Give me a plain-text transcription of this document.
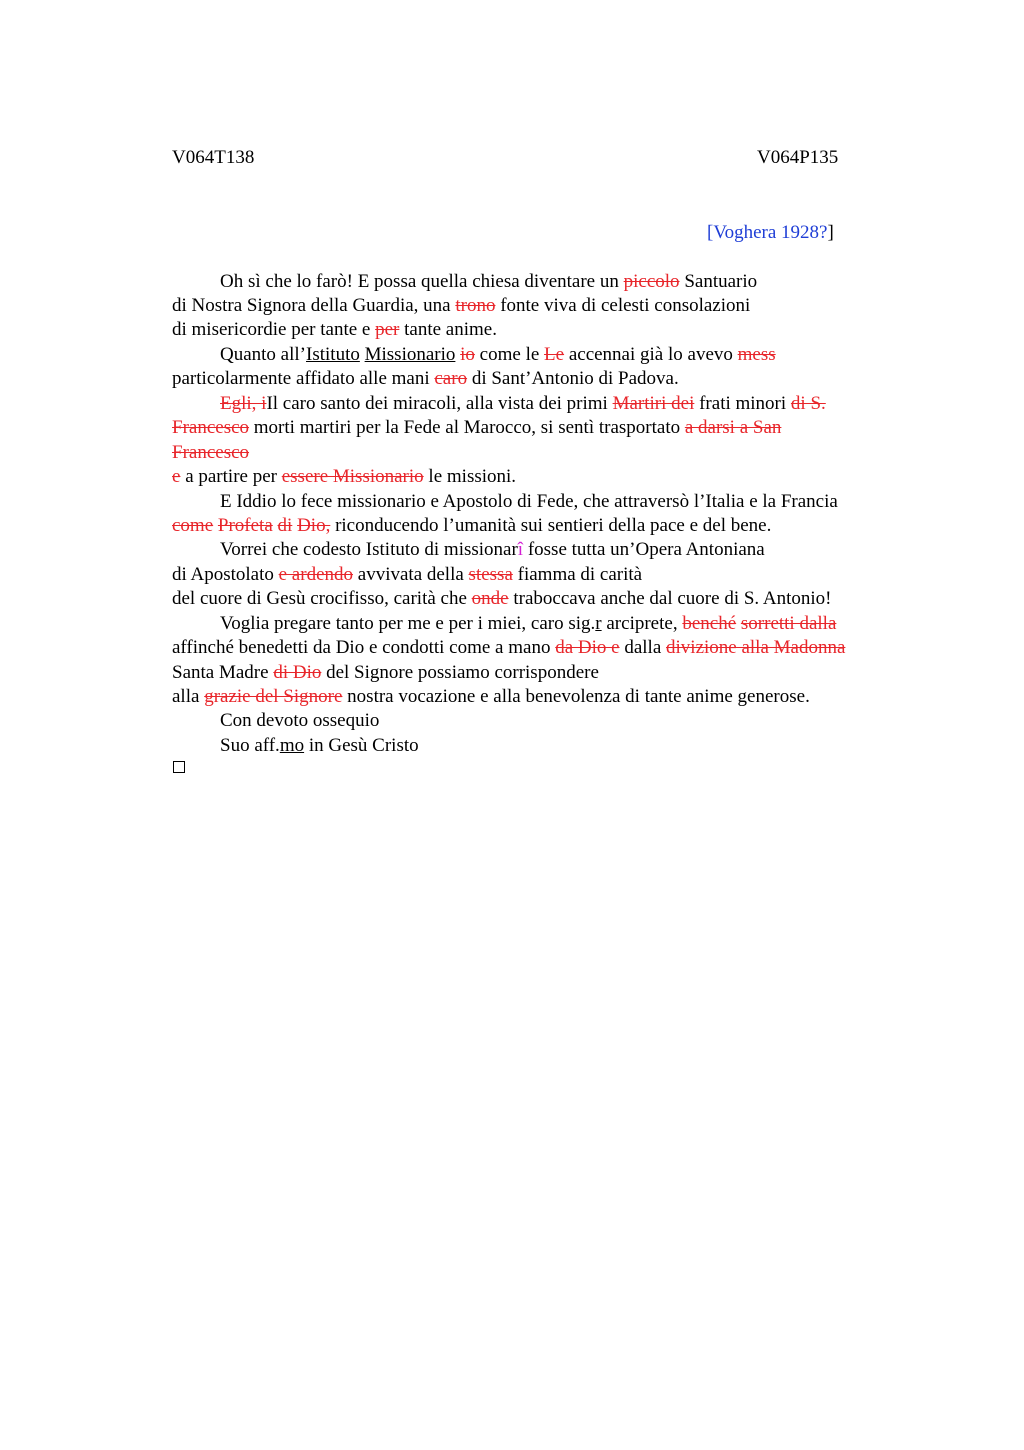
V064T138	V064P135
[Voghera 1928?]
Oh sì che lo farò! E possa quella chiesa diventare un piccolo Santuario
di Nostra Signora della Guardia, una trono fonte viva di celesti consolazioni
di misericordie per tante e per tante anime.
Quanto all’Istituto Missionario io come le Le accennai già lo avevo mess
particolarmente affidato alle mani caro di Sant’Antonio di Padova.
Egli, iIl caro santo dei miracoli, alla vista dei primi Martiri dei frati minori di S.
Francesco morti martiri per la Fede al Marocco, si sentì trasportato a darsi a San
Francesco
e a partire per essere Missionario le missioni.
E Iddio lo fece missionario e Apostolo di Fede, che attraversò l’Italia e la Francia
come Profeta di Dio, riconducendo l’umanità sui sentieri della pace e del bene.
Vorrei che codesto Istituto di missionarî fosse tutta un’Opera Antoniana
di Apostolato e ardendo avvivata della stessa fiamma di carità
del cuore di Gesù crocifisso, carità che onde traboccava anche dal cuore di S. Antonio!
Voglia pregare tanto per me e per i miei, caro sig.r arciprete, benché sorretti dalla
affinché benedetti da Dio e condotti come a mano da Dio e dalla divizione alla Madonna
Santa Madre di Dio del Signore possiamo corrispondere
alla grazie del Signore nostra vocazione e alla benevolenza di tante anime generose.
Con devoto ossequio
Suo aff.mo in Gesù Cristo
